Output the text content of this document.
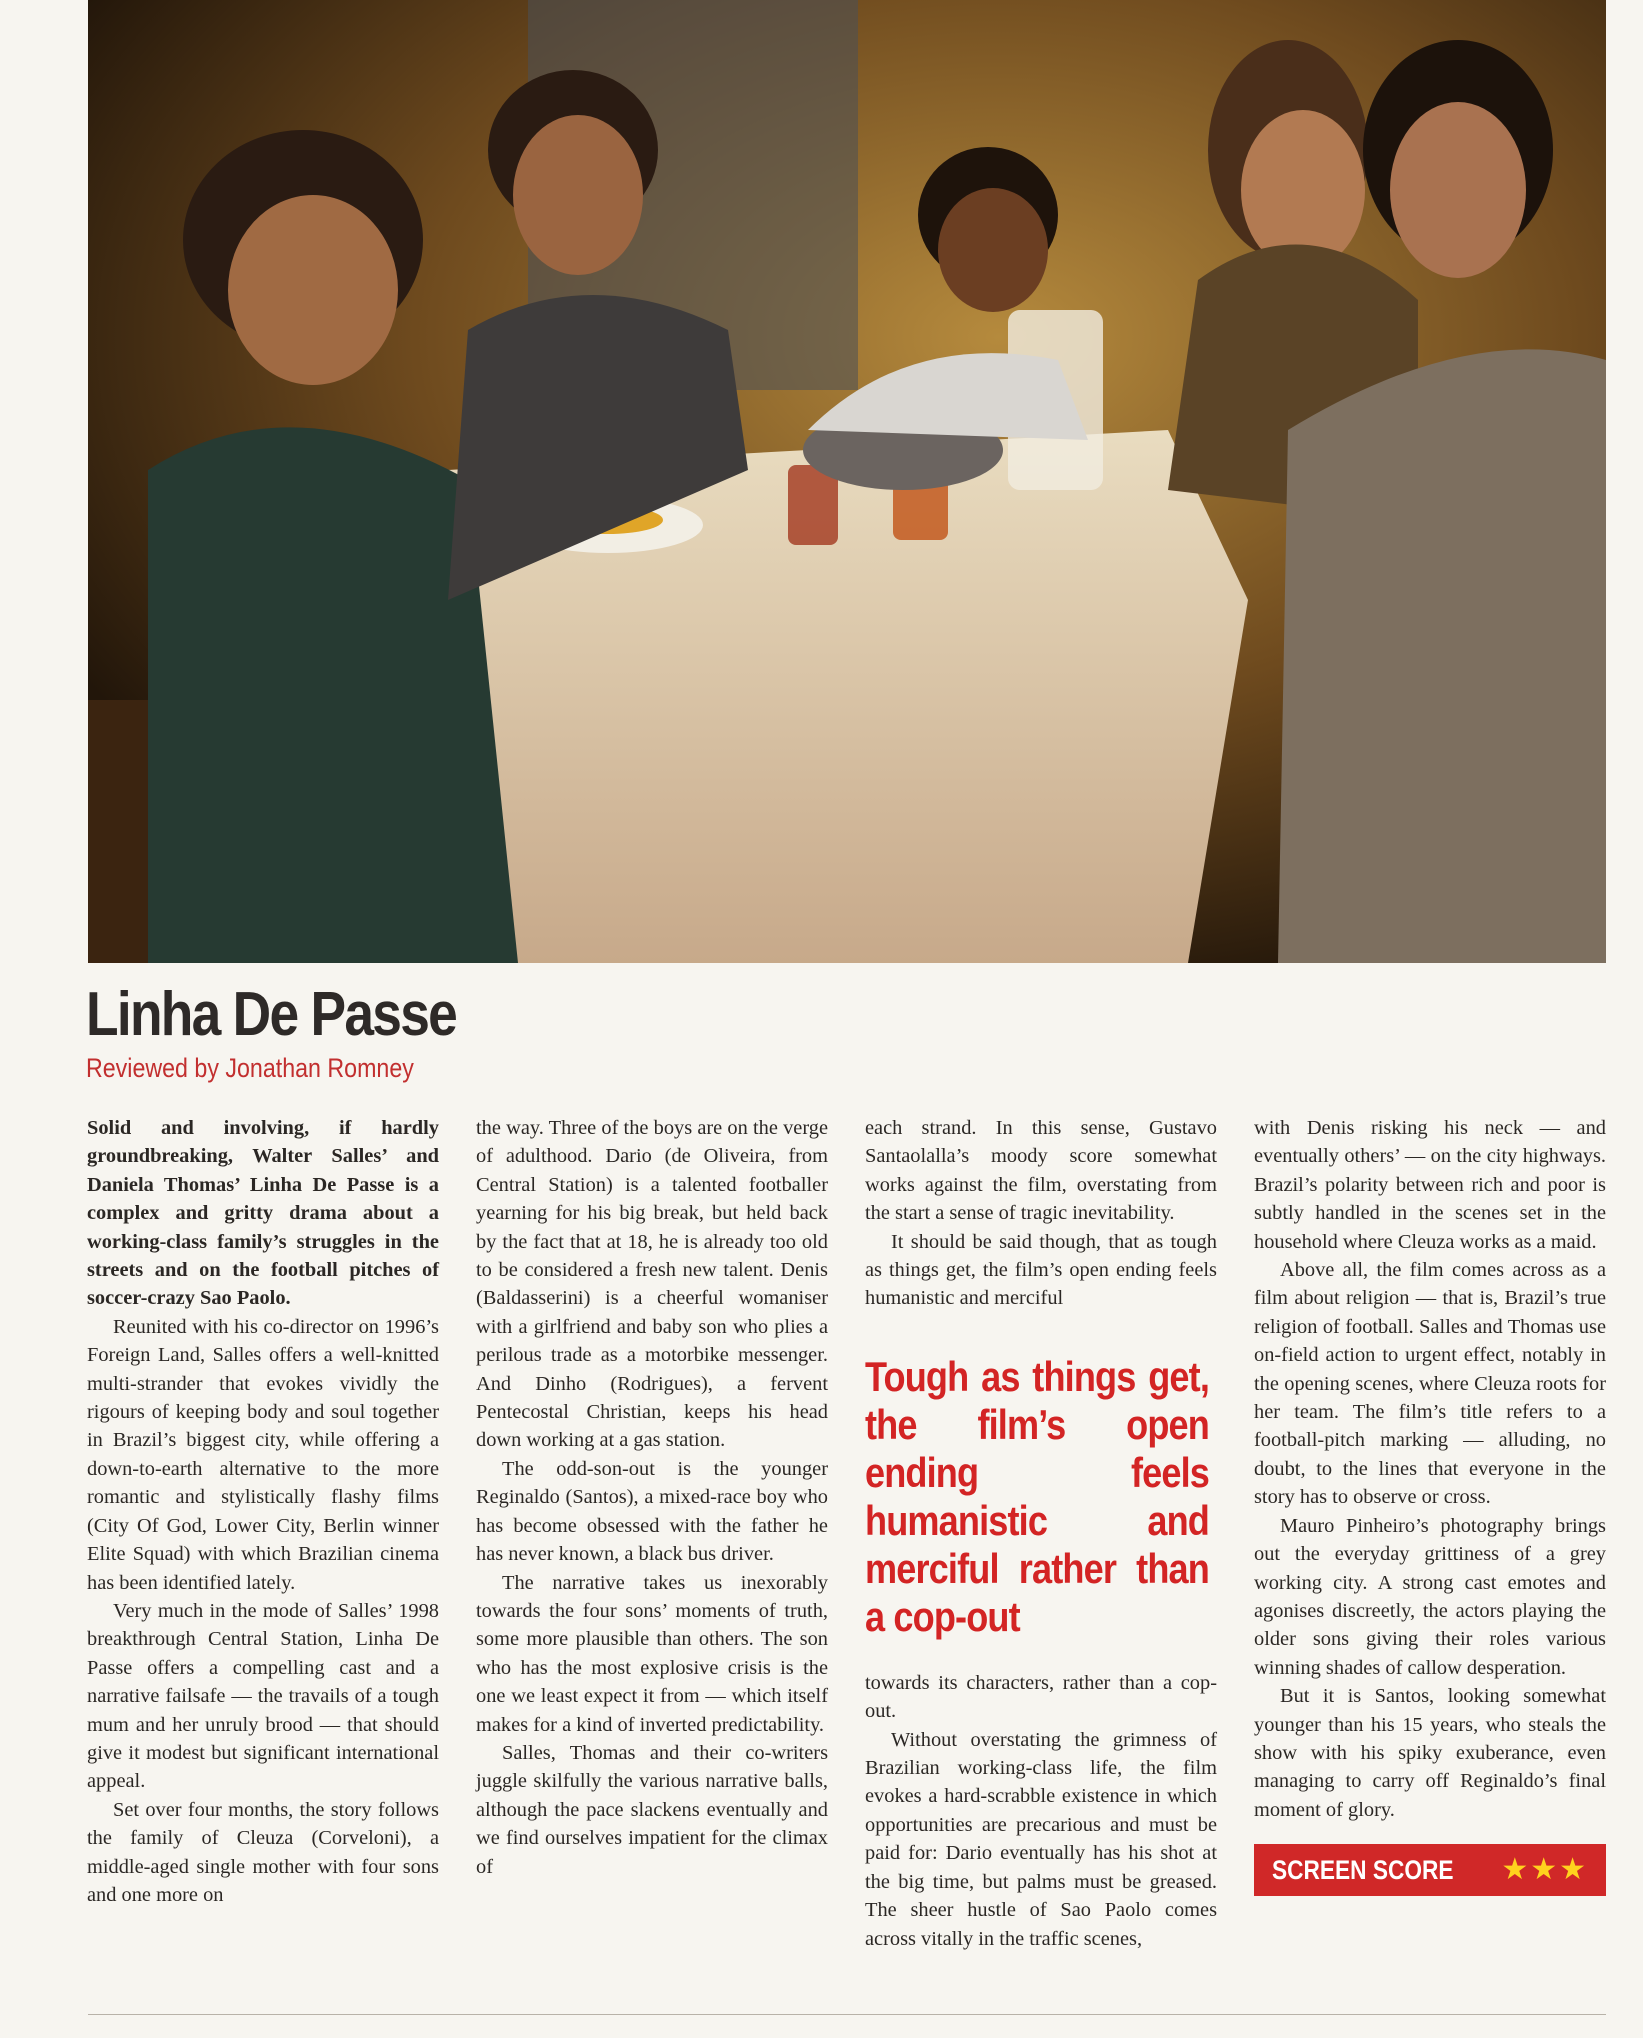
Linha De Passe

Reviewed by Jonathan Romney

Solid and involving, if hardly groundbreaking, Walter Salles’ and Daniela Thomas’ Linha De Passe is a complex and gritty drama about a working-class family’s struggles in the streets and on the football pitches of soccer-crazy Sao Paolo.

Reunited with his co-director on 1996’s Foreign Land, Salles offers a well-knitted multi-strander that evokes vividly the rigours of keeping body and soul together in Brazil’s biggest city, while offering a down-to-earth alternative to the more romantic and stylistically flashy films (City Of God, Lower City, Berlin winner Elite Squad) with which Brazilian cinema has been identified lately.

Very much in the mode of Salles’ 1998 breakthrough Central Station, Linha De Passe offers a compelling cast and a narrative failsafe — the travails of a tough mum and her unruly brood — that should give it modest but significant international appeal.

Set over four months, the story follows the family of Cleuza (Corveloni), a middle-aged single mother with four sons and one more on

the way. Three of the boys are on the verge of adulthood. Dario (de Oliveira, from Central Station) is a talented footballer yearning for his big break, but held back by the fact that at 18, he is already too old to be considered a fresh new talent. Denis (Baldasserini) is a cheerful womaniser with a girlfriend and baby son who plies a perilous trade as a motorbike messenger. And Dinho (Rodrigues), a fervent Pentecostal Christian, keeps his head down working at a gas station.

The odd-son-out is the younger Reginaldo (Santos), a mixed-race boy who has become obsessed with the father he has never known, a black bus driver.

The narrative takes us inexorably towards the four sons’ moments of truth, some more plausible than others. The son who has the most explosive crisis is the one we least expect it from — which itself makes for a kind of inverted predictability.

Salles, Thomas and their co-writers juggle skilfully the various narrative balls, although the pace slackens eventually and we find ourselves impatient for the climax of

each strand. In this sense, Gustavo Santaolalla’s moody score somewhat works against the film, overstating from the start a sense of tragic inevitability.

It should be said though, that as tough as things get, the film’s open ending feels humanistic and merciful

Tough as things get, the film’s open ending feels humanistic and merciful rather than a cop-out

towards its characters, rather than a cop-out.

Without overstating the grimness of Brazilian working-class life, the film evokes a hard-scrabble existence in which opportunities are precarious and must be paid for: Dario eventually has his shot at the big time, but palms must be greased. The sheer hustle of Sao Paolo comes across vitally in the traffic scenes,

with Denis risking his neck — and eventually others’ — on the city highways. Brazil’s polarity between rich and poor is subtly handled in the scenes set in the household where Cleuza works as a maid.

Above all, the film comes across as a film about religion — that is, Brazil’s true religion of football. Salles and Thomas use on-field action to urgent effect, notably in the opening scenes, where Cleuza roots for her team. The film’s title refers to a football-pitch marking — alluding, no doubt, to the lines that everyone in the story has to observe or cross.

Mauro Pinheiro’s photography brings out the everyday grittiness of a grey working city. A strong cast emotes and agonises discreetly, the actors playing the older sons giving their roles various winning shades of callow desperation.

But it is Santos, looking somewhat younger than his 15 years, who steals the show with his spiky exuberance, even managing to carry off Reginaldo’s final moment of glory.

SCREEN SCORE ★★★
